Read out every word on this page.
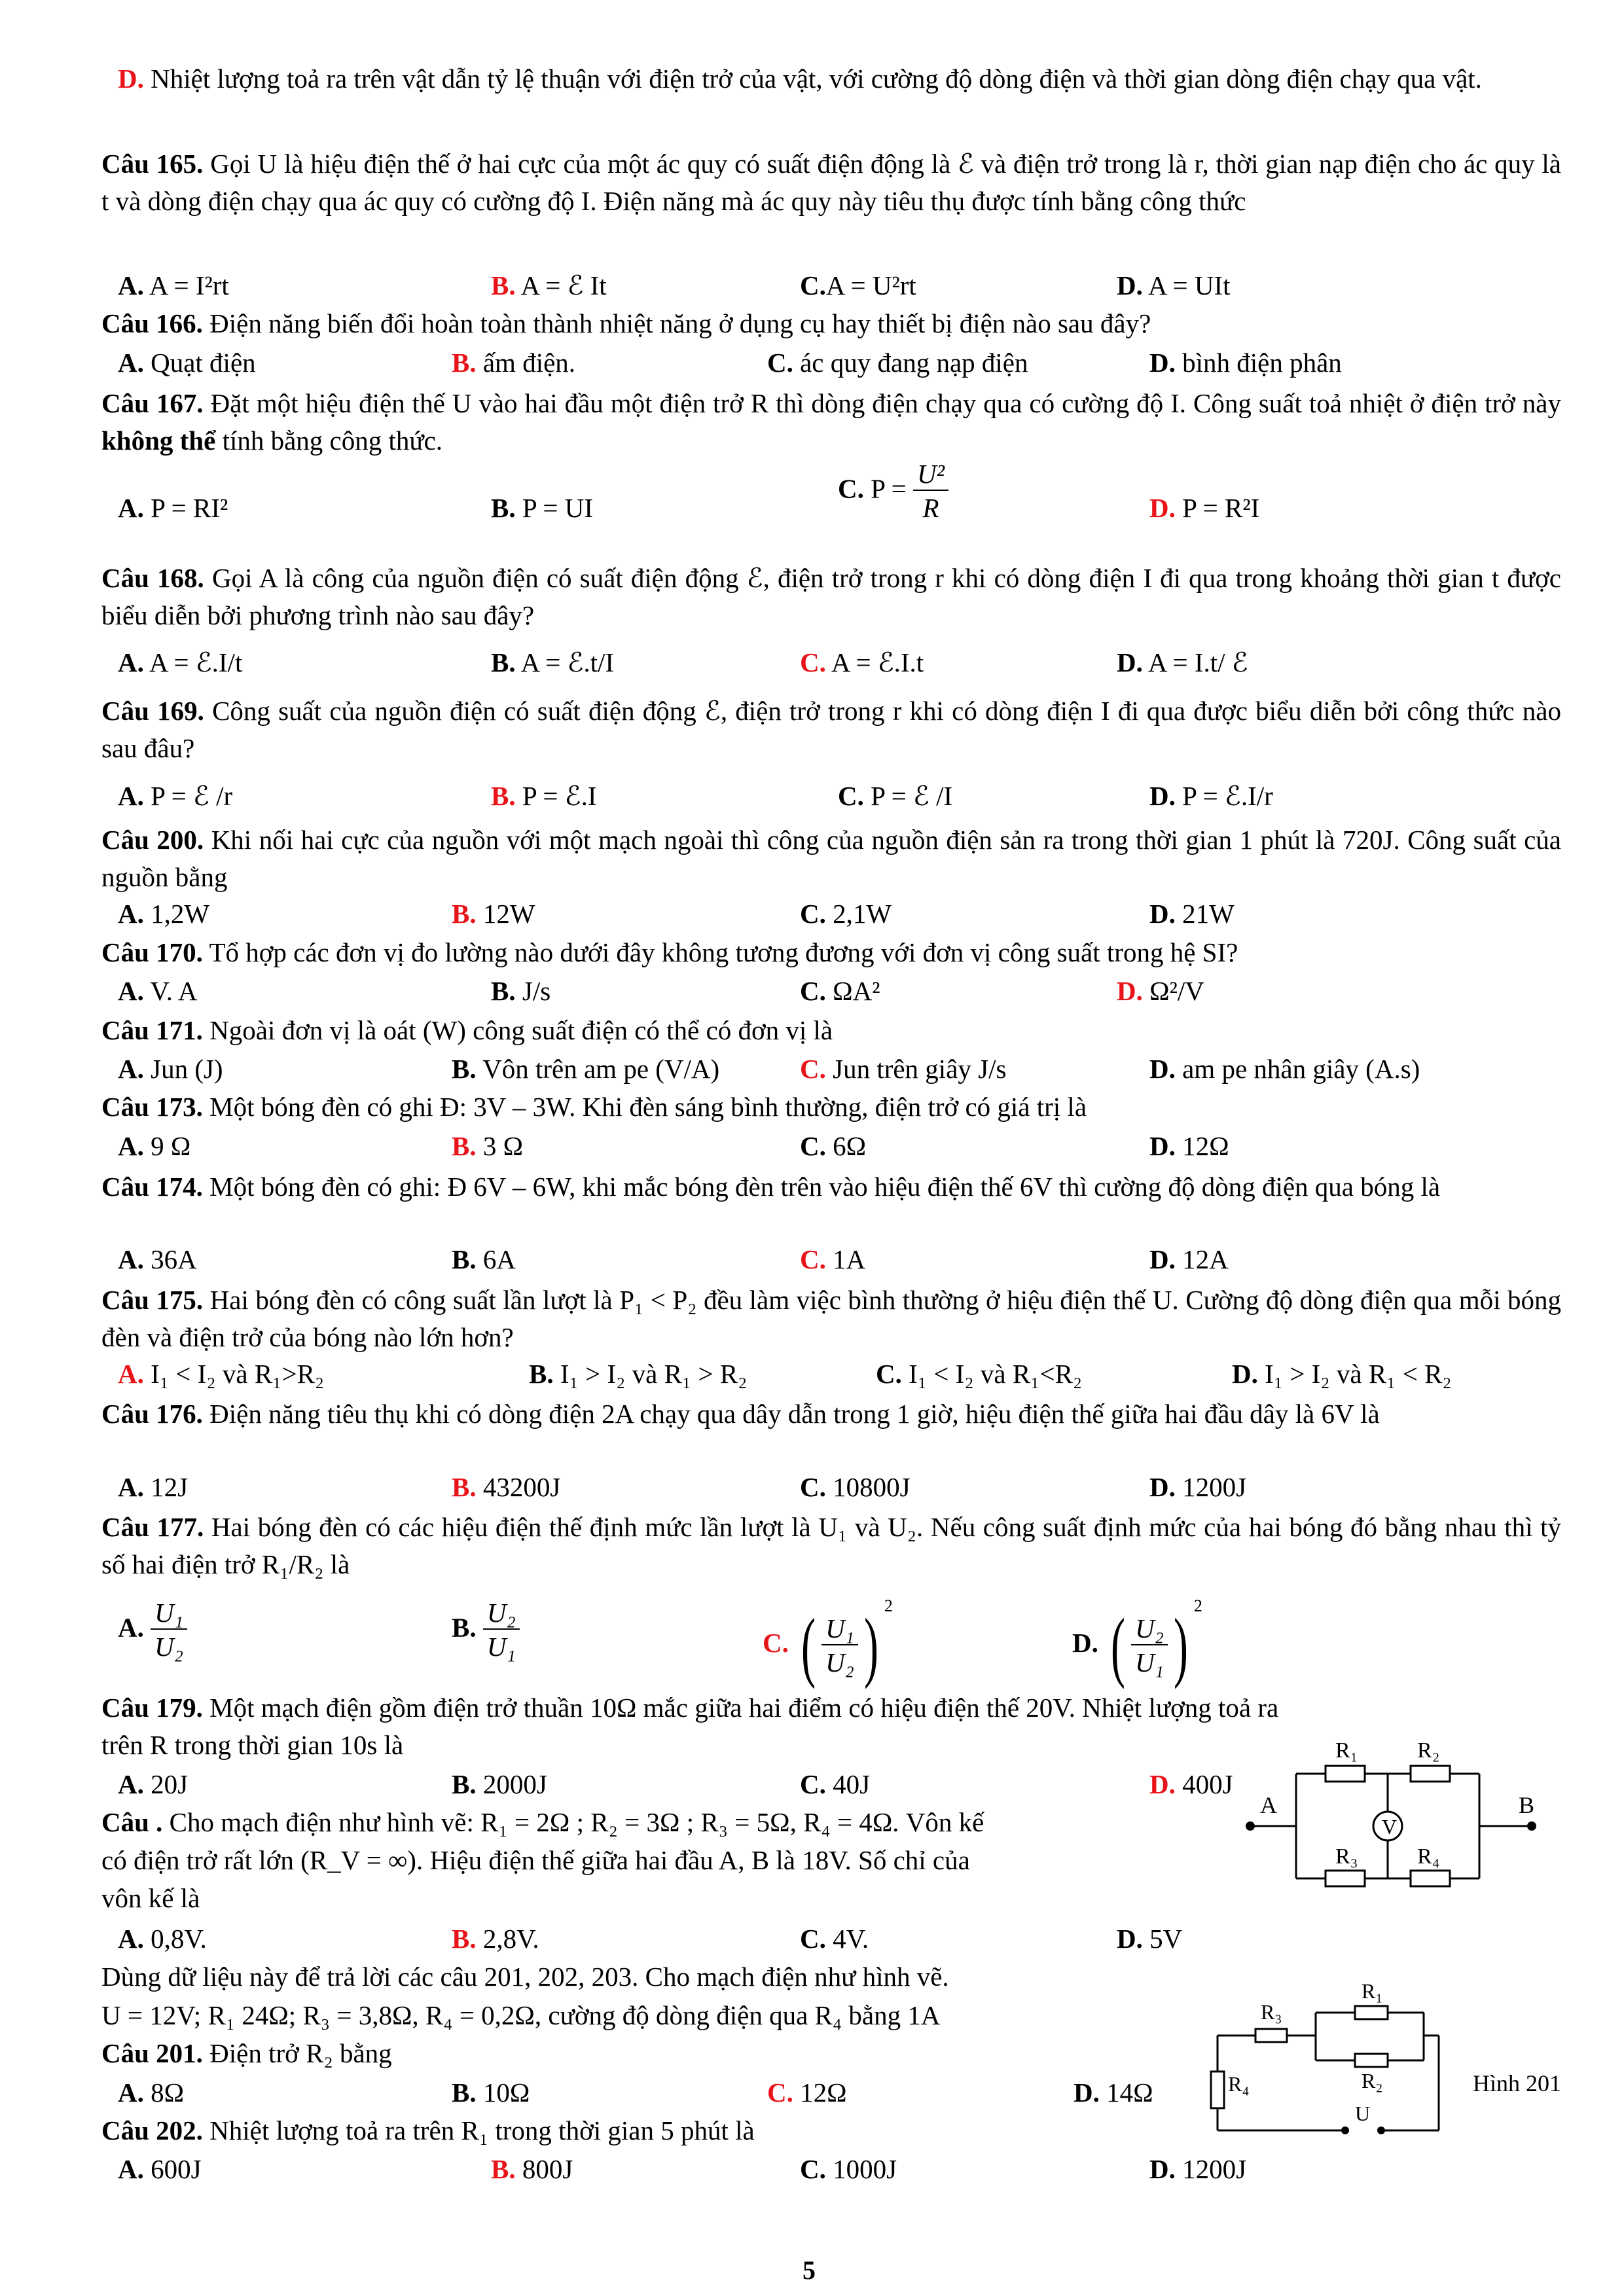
D. Nhiệt lượng toả ra trên vật dẫn tỷ lệ thuận với điện trở của vật, với cường độ dòng điện và thời gian dòng điện chạy qua vật.
Câu 165. Gọi U là hiệu điện thế ở hai cực của một ác quy có suất điện động là ℰ và điện trở trong là r, thời gian nạp điện cho ác quy là t và dòng điện chạy qua ác quy có cường độ I. Điện năng mà ác quy này tiêu thụ được tính bằng công thức
A. A = I²rt	B. A = ℰ It	C.A = U²rt	D. A = UIt
Câu 166. Điện năng biến đổi hoàn toàn thành nhiệt năng ở dụng cụ hay thiết bị điện nào sau đây?
A. Quạt điện	B. ấm điện.	C. ác quy đang nạp điện	D. bình điện phân
Câu 167. Đặt một hiệu điện thế U vào hai đầu một điện trở R thì dòng điện chạy qua có cường độ I. Công suất toả nhiệt ở điện trở này không thể tính bằng công thức.
A. P = RI²	B. P = UI
C. $P = \frac{\text{U²}}{R}$	D. P = R²I
Câu 168. Gọi A là công của nguồn điện có suất điện động ℰ, điện trở trong r khi có dòng điện I đi qua trong khoảng thời gian t được biểu diễn bởi phương trình nào sau đây?
A. A = ℰ.I/t	B. A = ℰ.t/I	C. A = ℰ.I.t	D. A = I.t/ ℰ
Câu 169. Công suất của nguồn điện có suất điện động ℰ, điện trở trong r khi có dòng điện I đi qua được biểu diễn bởi công thức nào sau đâu?
A. P = ℰ /r	B. P = ℰ.I	C. P = ℰ /I	D. P = ℰ.I/r
Câu 200. Khi nối hai cực của nguồn với một mạch ngoài thì công của nguồn điện sản ra trong thời gian 1 phút là 720J. Công suất của nguồn bằng
A. 1,2W	B. 12W	C. 2,1W	D. 21W
Câu 170. Tổ hợp các đơn vị đo lường nào dưới đây không tương đương với đơn vị công suất trong hệ SI?
A. V. A	B. J/s	C. ΩA²	D. Ω²/V
Câu 171. Ngoài đơn vị là oát (W) công suất điện có thể có đơn vị là
A. Jun (J)	B. Vôn trên am pe (V/A)	C. Jun trên giây J/s	D. am pe nhân giây (A.s)
Câu 173. Một bóng đèn có ghi Đ: 3V – 3W. Khi đèn sáng bình thường, điện trở có giá trị là
A. 9 Ω	B. 3 Ω	C. 6Ω	D. 12Ω
Câu 174. Một bóng đèn có ghi: Đ 6V – 6W, khi mắc bóng đèn trên vào hiệu điện thế 6V thì cường độ dòng điện qua bóng là
A. 36A	B. 6A	C. 1A	D. 12A
Câu 175. Hai bóng đèn có công suất lần lượt là P₁ < P₂ đều làm việc bình thường ở hiệu điện thế U. Cường độ dòng điện qua mỗi bóng đèn và điện trở của bóng nào lớn hơn?
A. I₁ < I₂ và R₁>R₂	B. I₁ > I₂ và R₁ > R₂	C. I₁ < I₂ và R₁<R₂	D. I₁ > I₂ và R₁ < R₂
Câu 176. Điện năng tiêu thụ khi có dòng điện 2A chạy qua dây dẫn trong 1 giờ, hiệu điện thế giữa hai đầu dây là 6V là
A. 12J	B. 43200J	C. 10800J	D. 1200J
Câu 177. Hai bóng đèn có các hiệu điện thế định mức lần lượt là U₁ và U₂. Nếu công suất định mức của hai bóng đó bằng nhau thì tỷ số hai điện trở R₁/R₂ là
A. $\frac{\text{U₁}}{\text{U₂}}$	B. $\frac{\text{U₂}}{\text{U₁}}$	C. ( $\frac{\text{U₁}}{\text{U₂}}$ ) $^2$
D. ( $\frac{\text{U₂}}{\text{U₁}}$ ) $^2$
Câu 179. Một mạch điện gồm điện trở thuần 10Ω mắc giữa hai điểm có hiệu điện thế 20V. Nhiệt lượng toả ra
trên R trong thời gian 10s là
A. 20J	B. 2000J	C. 40J	D. 400J
Câu . Cho mạch điện như hình vẽ: R₁ = 2Ω ; R₂ = 3Ω ; R₃ = 5Ω, R₄ = 4Ω. Vôn kế
có điện trở rất lớn (R_V = ∞). Hiệu điện thế giữa hai đầu A, B là 18V. Số chỉ của
vôn kế là
A. 0,8V.	B. 2,8V.	C. 4V.	D. 5V
R₁	R₂
R₃	R₄
V
A	B
Dùng dữ liệu này để trả lời các câu 201, 202, 203. Cho mạch điện như hình vẽ.
U = 12V; R₁ 24Ω; R₃ = 3,8Ω, R₄ = 0,2Ω, cường độ dòng điện qua R₄ bằng 1A
Câu 201. Điện trở R₂ bằng
A. 8Ω	B. 10Ω	C. 12Ω	D. 14Ω
Câu 202. Nhiệt lượng toả ra trên R₁ trong thời gian 5 phút là
A. 600J	B. 800J	C. 1000J	D. 1200J
R₃
R₁
R₂
R₄
U
Hình 201
5
